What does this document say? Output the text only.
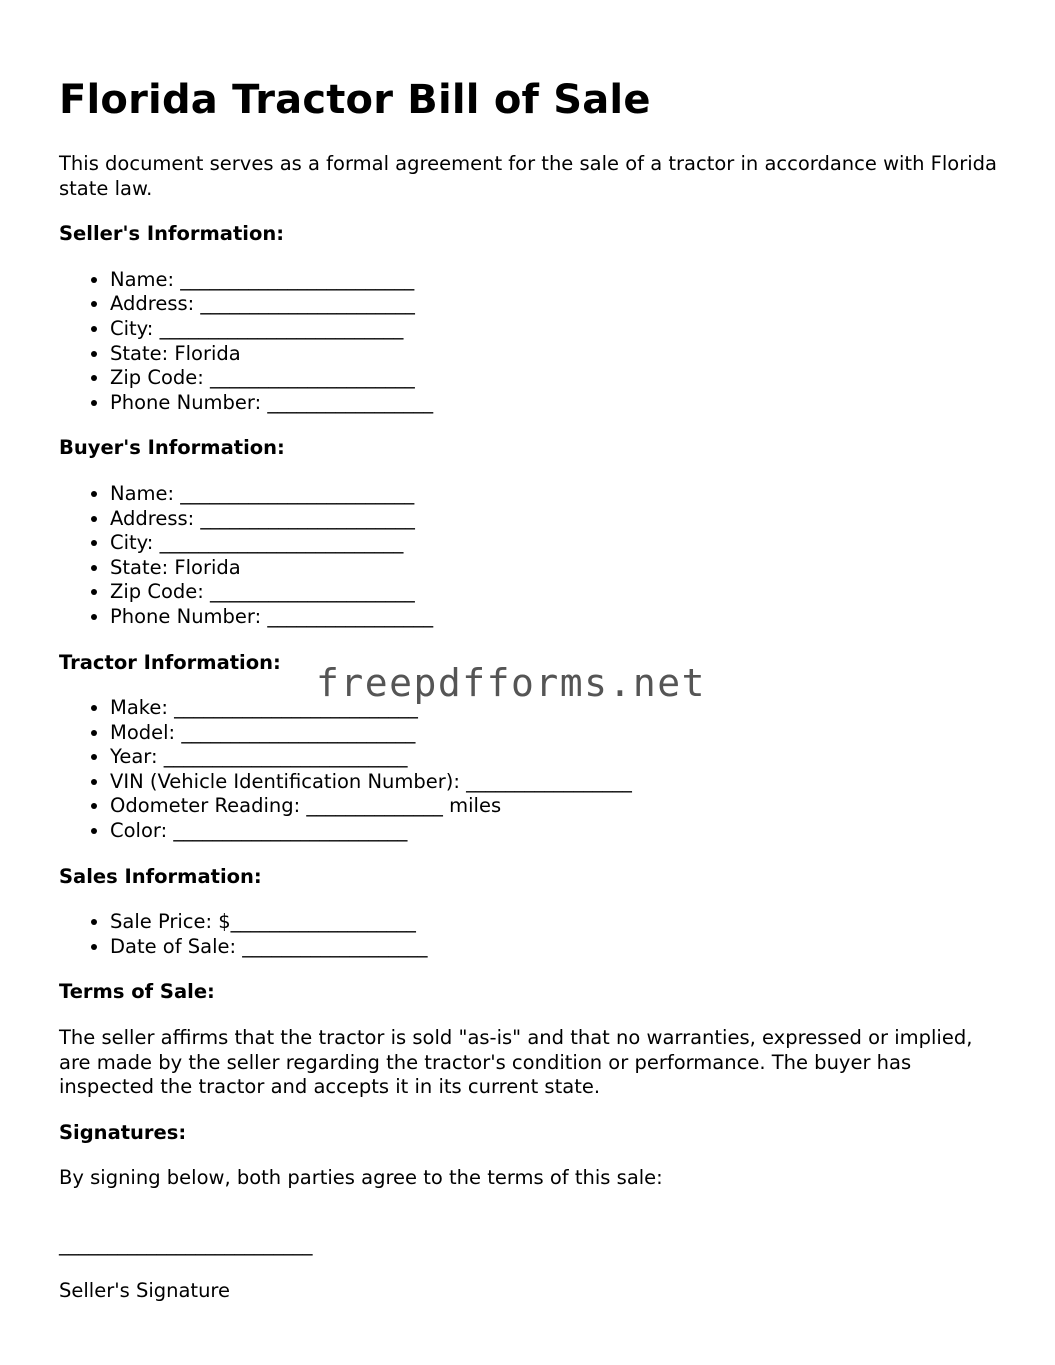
Florida Tractor Bill of Sale

This document serves as a formal agreement for the sale of a tractor in accordance with Florida state law.

Seller's Information:
• Name: ________________________
• Address: ______________________
• City: _________________________
• State: Florida
• Zip Code: _____________________
• Phone Number: _________________
Buyer's Information:
• Name: ________________________
• Address: ______________________
• City: _________________________
• State: Florida
• Zip Code: _____________________
• Phone Number: _________________
Tractor Information:
• Make: _________________________
• Model: ________________________
• Year: _________________________
• VIN (Vehicle Identification Number): _________________
• Odometer Reading: ______________ miles
• Color: ________________________
Sales Information:
• Sale Price: $___________________
• Date of Sale: ___________________
Terms of Sale:

The seller affirms that the tractor is sold "as-is" and that no warranties, expressed or implied, are made by the seller regarding the tractor's condition or performance. The buyer has inspected the tractor and accepts it in its current state.

Signatures:

By signing below, both parties agree to the terms of this sale:

__________________________

Seller's Signature

freepdfforms.net
